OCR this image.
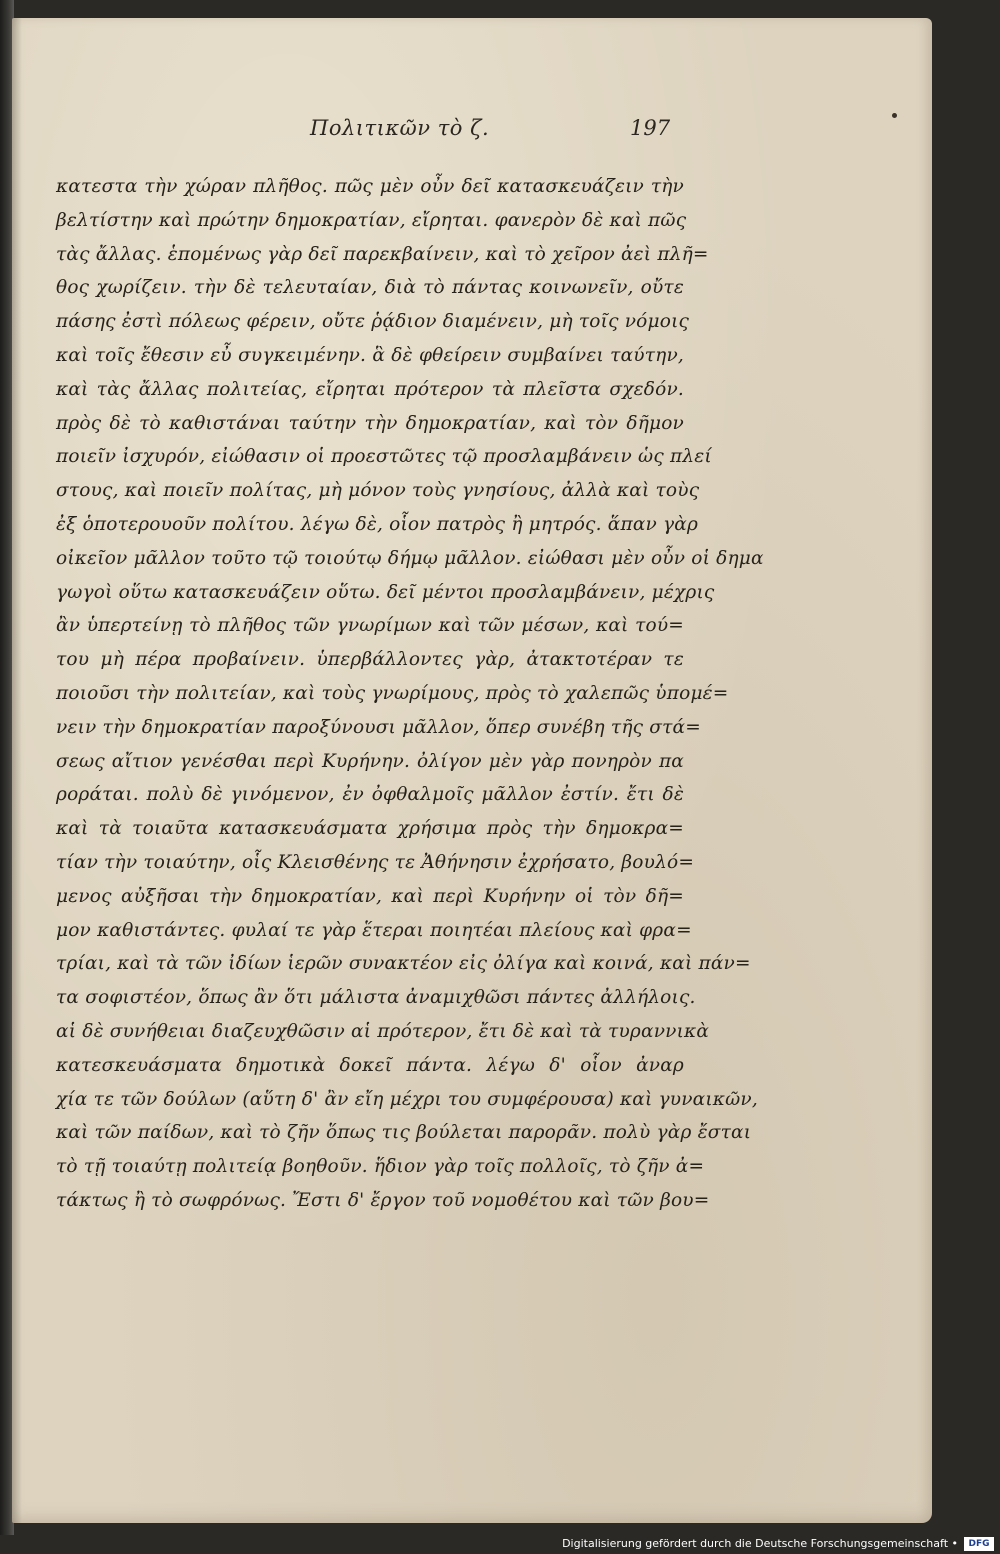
Πολιτικῶν τὸ ζ.	197
κατεστα τὴν χώραν πλῆθος. πῶς μὲν οὖν δεῖ κατασκευάζειν τὴν
βελτίστην καὶ πρώτην δημοκρατίαν, εἴρηται. φανερὸν δὲ καὶ πῶς
τὰς ἄλλας. ἑπομένως γὰρ δεῖ παρεκβαίνειν, καὶ τὸ χεῖρον ἀεὶ πλῆ=
θος χωρίζειν. τὴν δὲ τελευταίαν, διὰ τὸ πάντας κοινωνεῖν, οὔτε
πάσης ἐστὶ πόλεως φέρειν, οὔτε ῥᾴδιον διαμένειν, μὴ τοῖς νόμοις
καὶ τοῖς ἔθεσιν εὖ συγκειμένην. ἃ δὲ φθείρειν συμβαίνει ταύτην,
καὶ τὰς ἄλλας πολιτείας, εἴρηται πρότερον τὰ πλεῖστα σχεδόν.
πρὸς δὲ τὸ καθιστάναι ταύτην τὴν δημοκρατίαν, καὶ τὸν δῆμον
ποιεῖν ἰσχυρόν, εἰώθασιν οἱ προεστῶτες τῷ προσλαμβάνειν ὡς πλεί
στους, καὶ ποιεῖν πολίτας, μὴ μόνον τοὺς γνησίους, ἀλλὰ καὶ τοὺς
ἐξ ὁποτερουοῦν πολίτου. λέγω δὲ, οἷον πατρὸς ἢ μητρός. ἅπαν γὰρ
οἰκεῖον μᾶλλον τοῦτο τῷ τοιούτῳ δήμῳ μᾶλλον. εἰώθασι μὲν οὖν οἱ δημα
γωγοὶ οὕτω κατασκευάζειν οὕτω. δεῖ μέντοι προσλαμβάνειν, μέχρις
ἂν ὑπερτείνῃ τὸ πλῆθος τῶν γνωρίμων καὶ τῶν μέσων, καὶ τού=
του μὴ πέρα προβαίνειν. ὑπερβάλλοντες γὰρ, ἀτακτοτέραν τε
ποιοῦσι τὴν πολιτείαν, καὶ τοὺς γνωρίμους, πρὸς τὸ χαλεπῶς ὑπομέ=
νειν τὴν δημοκρατίαν παροξύνουσι μᾶλλον, ὅπερ συνέβη τῆς στά=
σεως αἴτιον γενέσθαι περὶ Κυρήνην. ὀλίγον μὲν γὰρ πονηρὸν πα
ροράται. πολὺ δὲ γινόμενον, ἐν ὀφθαλμοῖς μᾶλλον ἐστίν. ἔτι δὲ
καὶ τὰ τοιαῦτα κατασκευάσματα χρήσιμα πρὸς τὴν δημοκρα=
τίαν τὴν τοιαύτην, οἷς Κλεισθένης τε Ἀθήνησιν ἐχρήσατο, βουλό=
μενος αὐξῆσαι τὴν δημοκρατίαν, καὶ περὶ Κυρήνην οἱ τὸν δῆ=
μον καθιστάντες. φυλαί τε γὰρ ἕτεραι ποιητέαι πλείους καὶ φρα=
τρίαι, καὶ τὰ τῶν ἰδίων ἱερῶν συνακτέον εἰς ὀλίγα καὶ κοινά, καὶ πάν=
τα σοφιστέον, ὅπως ἂν ὅτι μάλιστα ἀναμιχθῶσι πάντες ἀλλήλοις.
αἱ δὲ συνήθειαι διαζευχθῶσιν αἱ πρότερον, ἔτι δὲ καὶ τὰ τυραννικὰ
κατεσκευάσματα δημοτικὰ δοκεῖ πάντα. λέγω δ' οἷον ἀναρ
χία τε τῶν δούλων (αὕτη δ' ἂν εἴη μέχρι του συμφέρουσα) καὶ γυναικῶν,
καὶ τῶν παίδων, καὶ τὸ ζῆν ὅπως τις βούλεται παρορᾶν. πολὺ γὰρ ἔσται
τὸ τῇ τοιαύτῃ πολιτείᾳ βοηθοῦν. ἥδιον γὰρ τοῖς πολλοῖς, τὸ ζῆν ἀ=
τάκτως ἢ τὸ σωφρόνως. Ἔστι δ' ἔργον τοῦ νομοθέτου καὶ τῶν βου=
Digitalisierung gefördert durch die Deutsche Forschungsgemeinschaft •	DFG
